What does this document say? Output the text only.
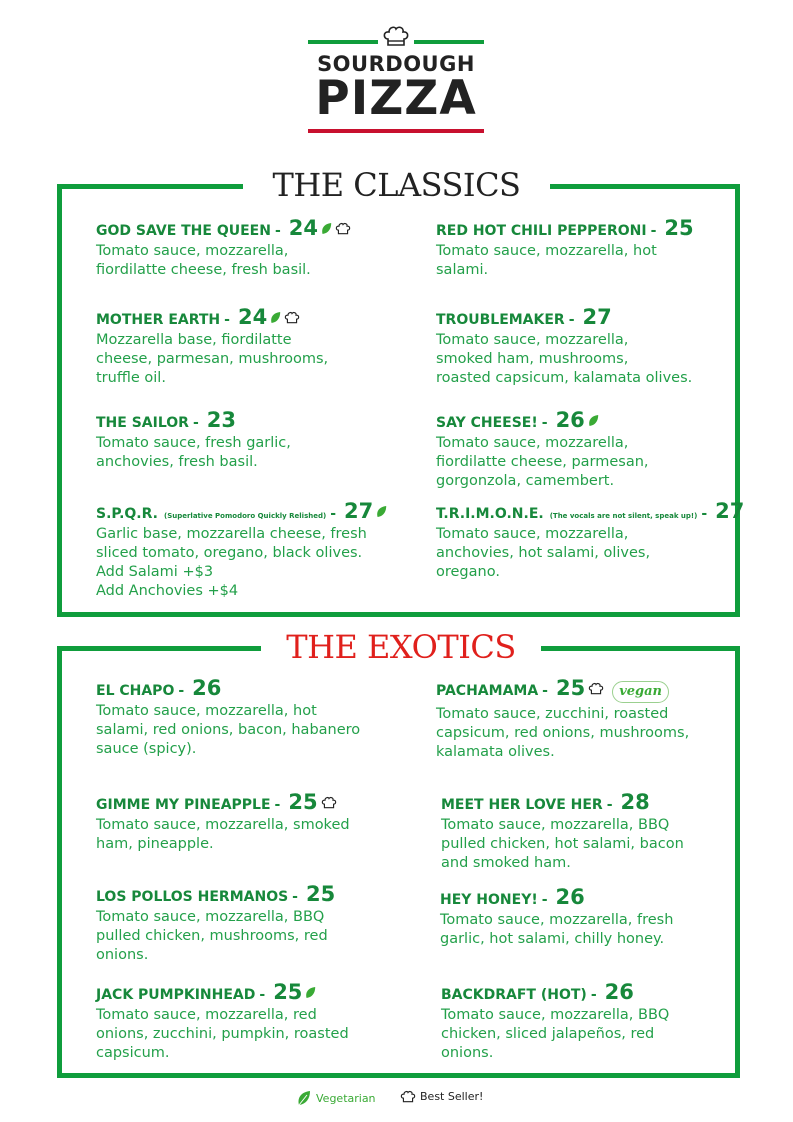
SOURDOUGH
PIZZA
THE CLASSICS
GOD SAVE THE QUEEN - 24
Tomato sauce, mozzarella,
fiordilatte cheese, fresh basil.
RED HOT CHILI PEPPERONI - 25
Tomato sauce, mozzarella, hot
salami.
MOTHER EARTH - 24
Mozzarella base, fiordilatte
cheese, parmesan, mushrooms,
truffle oil.
TROUBLEMAKER - 27
Tomato sauce, mozzarella,
smoked ham, mushrooms,
roasted capsicum, kalamata olives.
THE SAILOR - 23
Tomato sauce, fresh garlic,
anchovies, fresh basil.
SAY CHEESE! - 26
Tomato sauce, mozzarella,
fiordilatte cheese, parmesan,
gorgonzola, camembert.
S.P.Q.R. (Superlative Pomodoro Quickly Relished) - 27
Garlic base, mozzarella cheese, fresh
sliced tomato, oregano, black olives.
Add Salami +$3
Add Anchovies +$4
T.R.I.M.O.N.E. (The vocals are not silent, speak up!) - 27
Tomato sauce, mozzarella,
anchovies, hot salami, olives,
oregano.
THE EXOTICS
EL CHAPO - 26
Tomato sauce, mozzarella, hot
salami, red onions, bacon, habanero
sauce (spicy).
PACHAMAMA - 25	vegan
Tomato sauce, zucchini, roasted
capsicum, red onions, mushrooms,
kalamata olives.
GIMME MY PINEAPPLE - 25
Tomato sauce, mozzarella, smoked
ham, pineapple.
MEET HER LOVE HER - 28
Tomato sauce, mozzarella, BBQ
pulled chicken, hot salami, bacon
and smoked ham.
LOS POLLOS HERMANOS - 25
Tomato sauce, mozzarella, BBQ
pulled chicken, mushrooms, red
onions.
HEY HONEY! - 26
Tomato sauce, mozzarella, fresh
garlic, hot salami, chilly honey.
JACK PUMPKINHEAD - 25
Tomato sauce, mozzarella, red
onions, zucchini, pumpkin, roasted
capsicum.
BACKDRAFT (HOT) - 26
Tomato sauce, mozzarella, BBQ
chicken, sliced jalapeños, red
onions.
Vegetarian	Best Seller!
